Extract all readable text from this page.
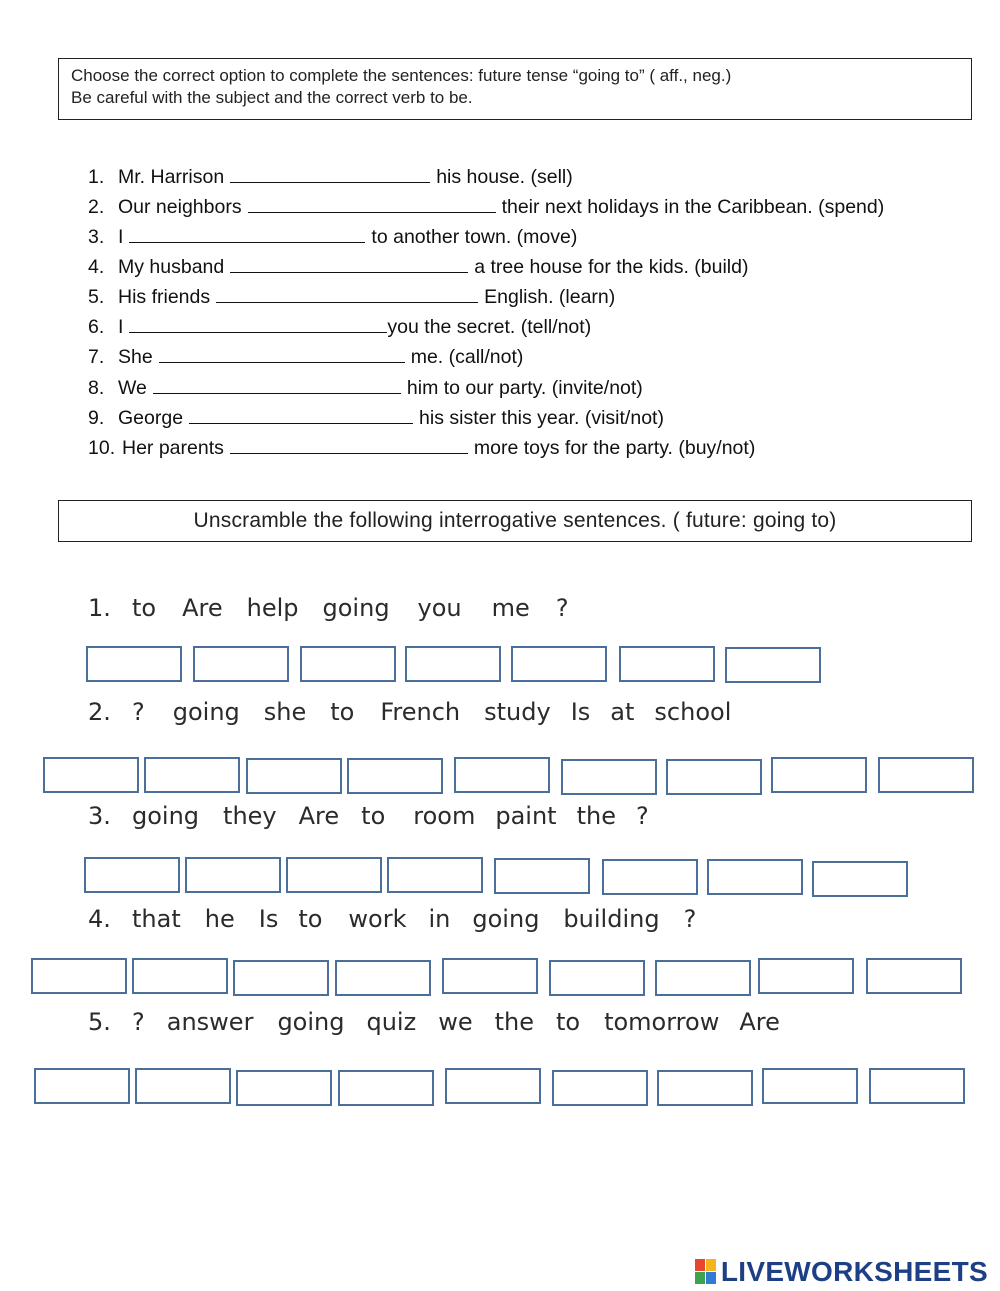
Choose the correct option to complete the sentences: future tense “going to” ( aff., neg.)
Be careful with the subject and the correct verb to be.
1. Mr. Harrison	his house. (sell)
2. Our neighbors	their next holidays in the Caribbean. (spend)
3. I	to another town. (move)
4. My husband	a tree house for the kids. (build)
5. His friends	English. (learn)
6. I	you the secret. (tell/not)
7. She	me. (call/not)
8. We	him to our party. (invite/not)
9. George	his sister this year. (visit/not)
10. Her parents	more toys for the party. (buy/not)
Unscramble the following interrogative sentences. ( future: going to)
1. to Are help going you me ?
2. ? going she to French study Is at school
3. going they Are to room paint the ?
4. that he Is to work in going building ?
5. ? answer going quiz we the to tomorrow Are
LIVEWORKSHEETS
